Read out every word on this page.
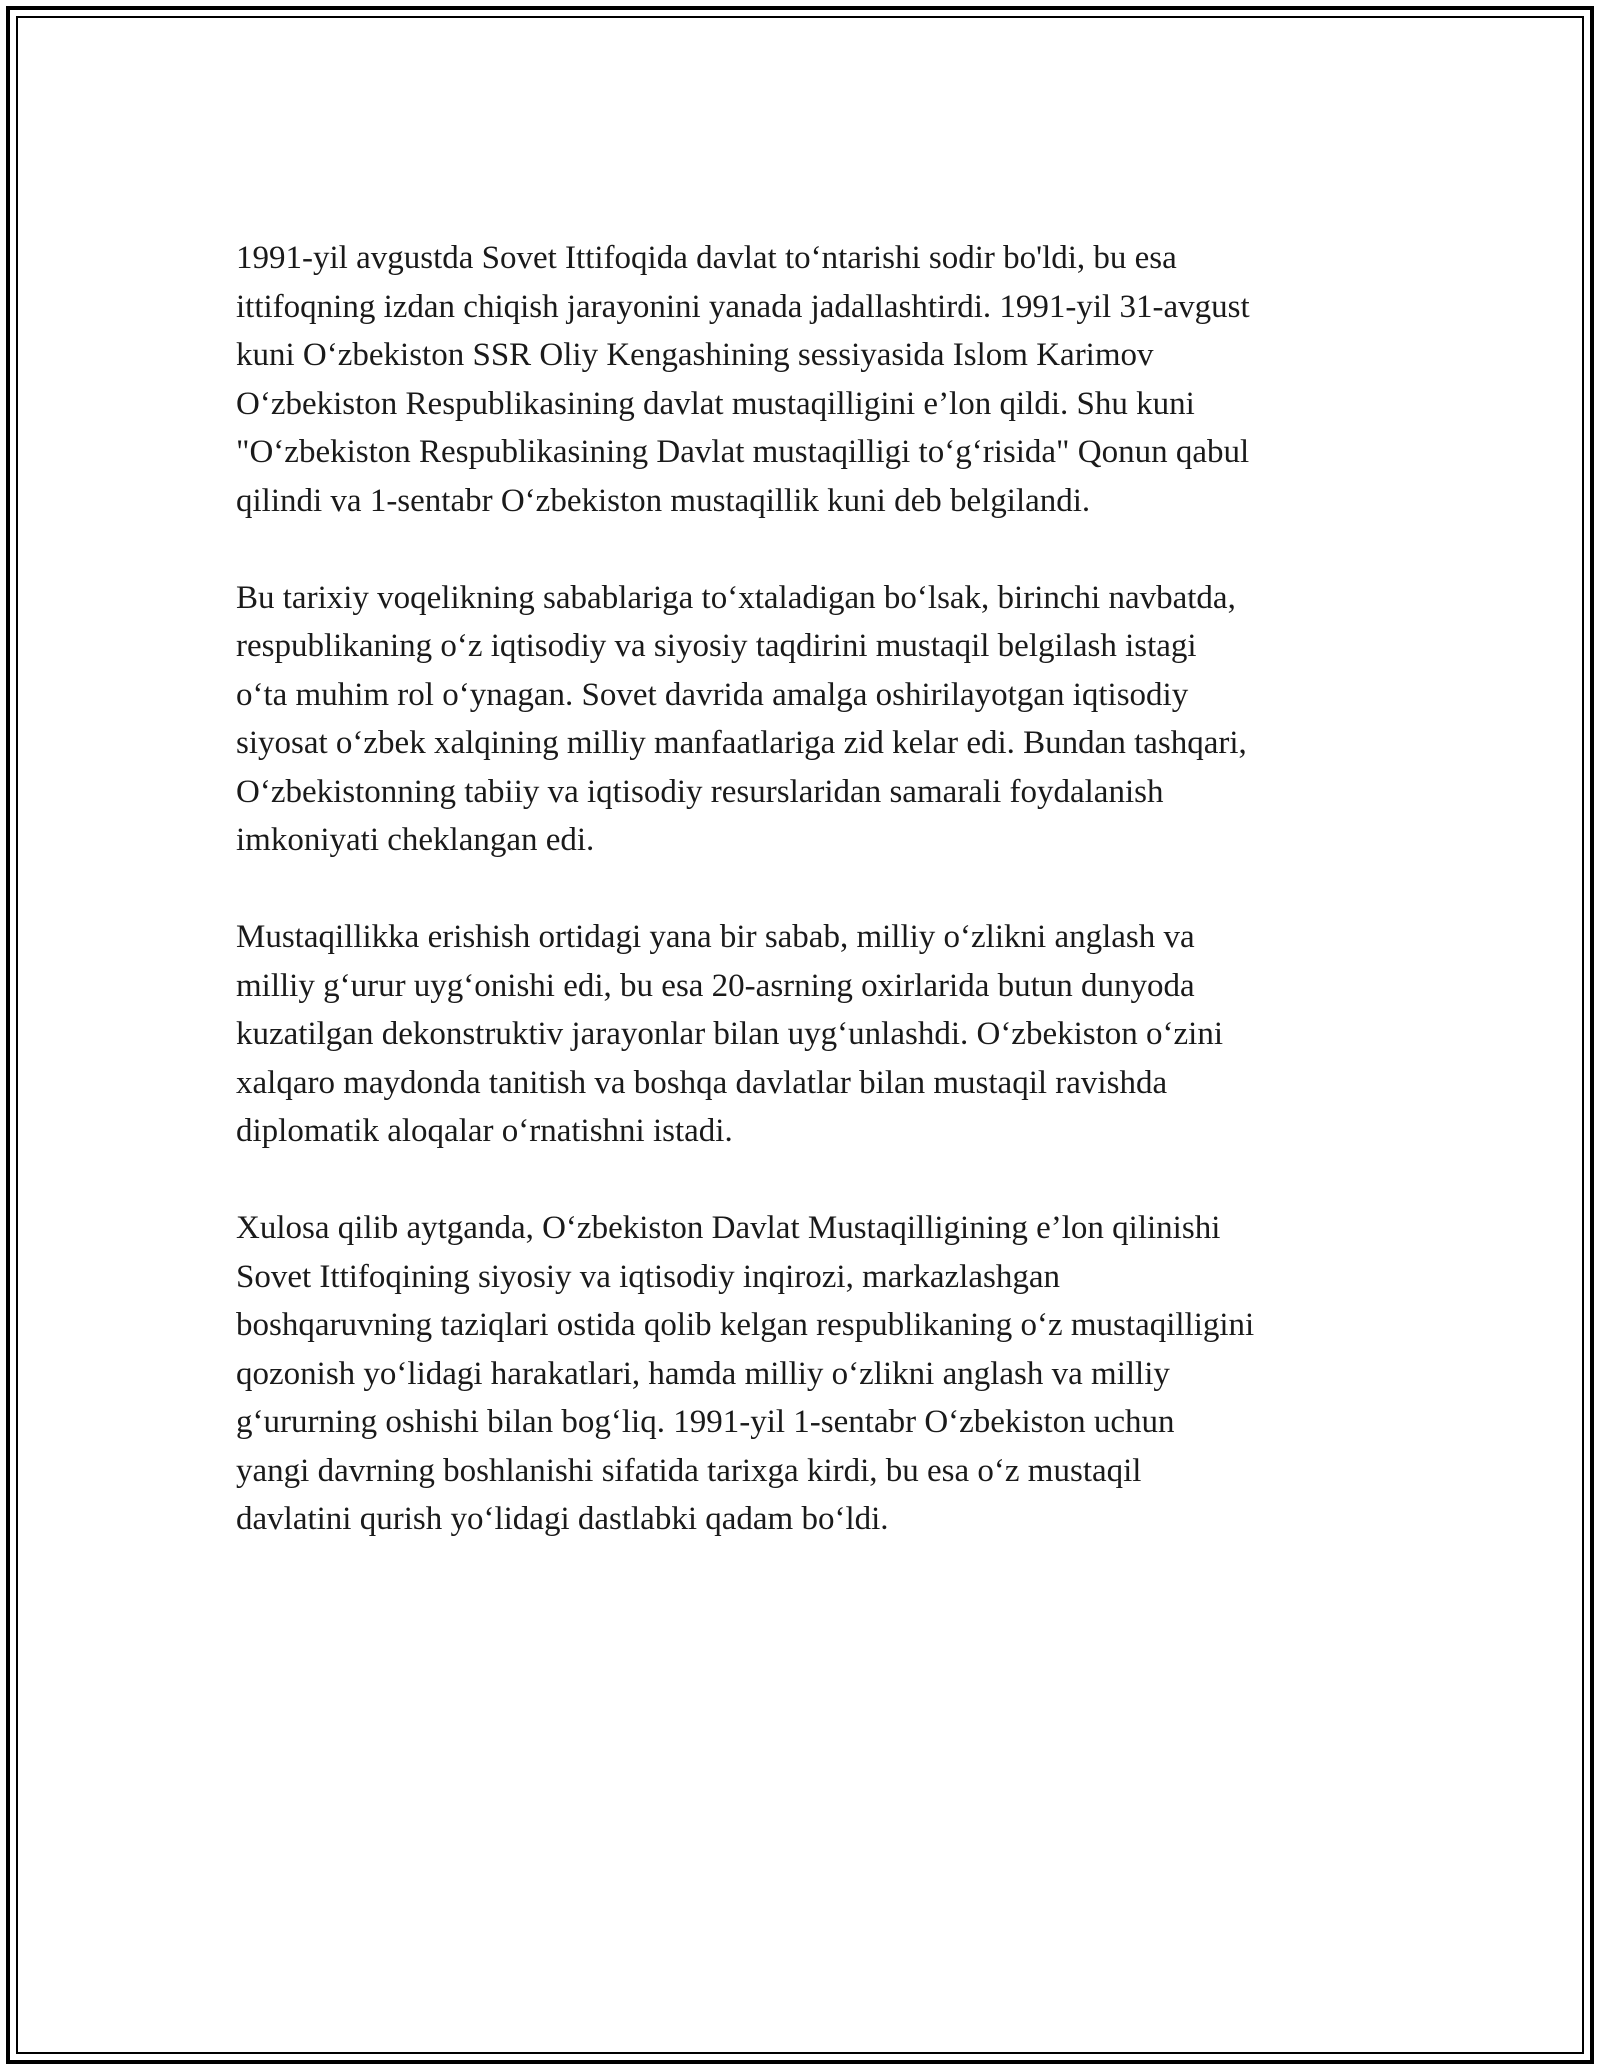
1991-yil avgustda Sovet Ittifoqida davlat toʻntarishi sodir bo'ldi, bu esa
ittifoqning izdan chiqish jarayonini yanada jadallashtirdi. 1991-yil 31-avgust
kuni Oʻzbekiston SSR Oliy Kengashining sessiyasida Islom Karimov
Oʻzbekiston Respublikasining davlat mustaqilligini e’lon qildi. Shu kuni
"Oʻzbekiston Respublikasining Davlat mustaqilligi toʻgʻrisida" Qonun qabul
qilindi va 1-sentabr Oʻzbekiston mustaqillik kuni deb belgilandi.

Bu tarixiy voqelikning sabablariga toʻxtaladigan boʻlsak, birinchi navbatda,
respublikaning oʻz iqtisodiy va siyosiy taqdirini mustaqil belgilash istagi
oʻta muhim rol oʻynagan. Sovet davrida amalga oshirilayotgan iqtisodiy
siyosat oʻzbek xalqining milliy manfaatlariga zid kelar edi. Bundan tashqari,
Oʻzbekistonning tabiiy va iqtisodiy resurslaridan samarali foydalanish
imkoniyati cheklangan edi.

Mustaqillikka erishish ortidagi yana bir sabab, milliy oʻzlikni anglash va
milliy gʻurur uygʻonishi edi, bu esa 20-asrning oxirlarida butun dunyoda
kuzatilgan dekonstruktiv jarayonlar bilan uygʻunlashdi. Oʻzbekiston oʻzini
xalqaro maydonda tanitish va boshqa davlatlar bilan mustaqil ravishda
diplomatik aloqalar oʻrnatishni istadi.

Xulosa qilib aytganda, Oʻzbekiston Davlat Mustaqilligining e’lon qilinishi
Sovet Ittifoqining siyosiy va iqtisodiy inqirozi, markazlashgan
boshqaruvning taziqlari ostida qolib kelgan respublikaning oʻz mustaqilligini
qozonish yoʻlidagi harakatlari, hamda milliy oʻzlikni anglash va milliy
gʻururning oshishi bilan bogʻliq. 1991-yil 1-sentabr Oʻzbekiston uchun
yangi davrning boshlanishi sifatida tarixga kirdi, bu esa oʻz mustaqil
davlatini qurish yoʻlidagi dastlabki qadam boʻldi.
